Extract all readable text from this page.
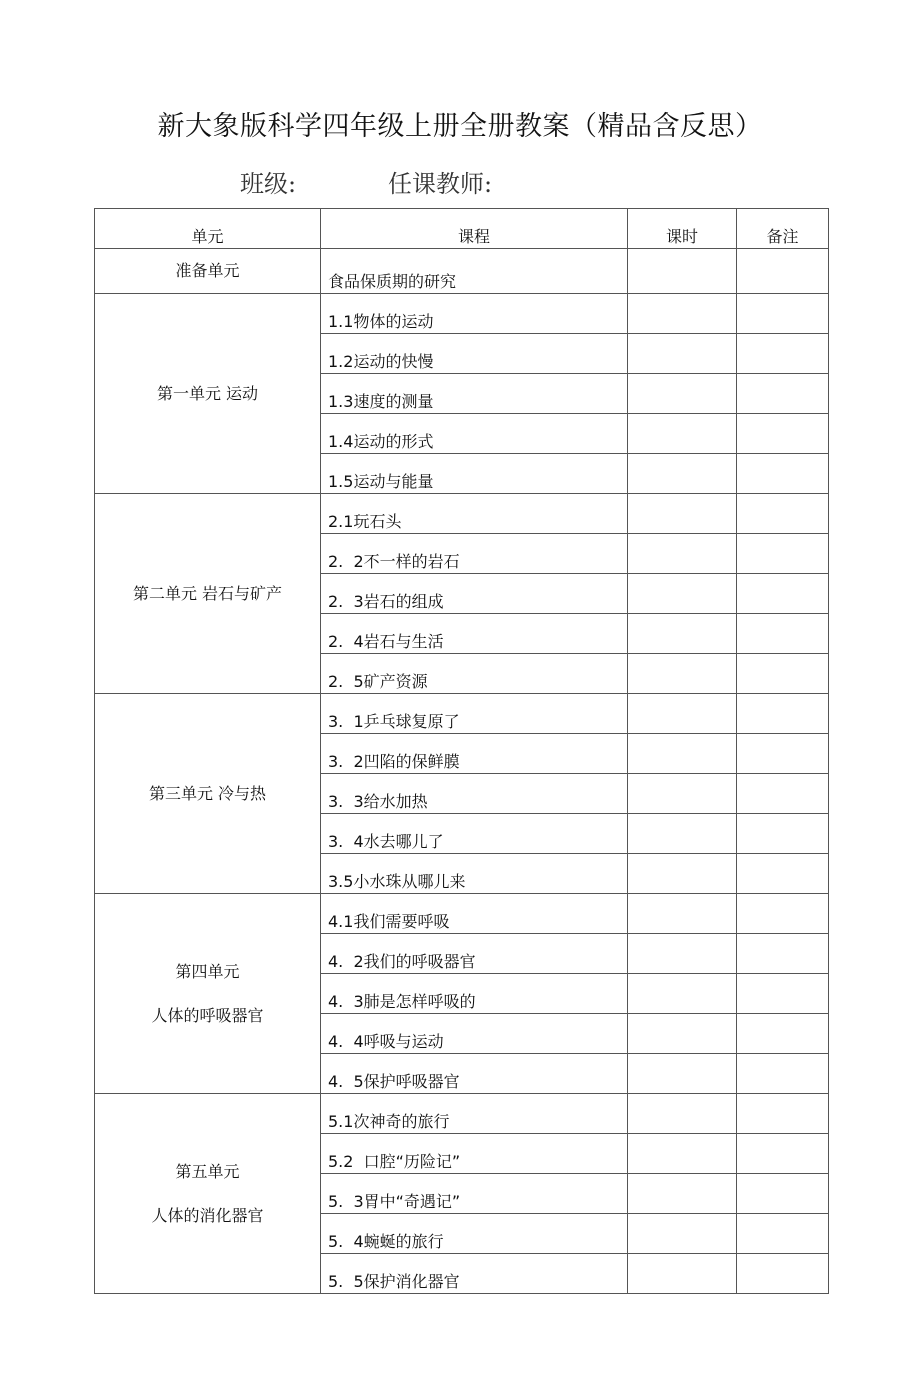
新大象版科学四年级上册全册教案（精品含反思）
班级:	任课教师:
单元	课程	课时	备注

准备单元	食品保质期的研究		

第一单元 运动	1.1物体的运动		
	1.2运动的快慢		
	1.3速度的测量		
	1.4运动的形式		
	1.5运动与能量		

第二单元 岩石与矿产	2.1玩石头		
	2.  2不一样的岩石		
	2.  3岩石的组成		
	2.  4岩石与生活		
	2.  5矿产资源		

第三单元 冷与热	3.  1乒乓球复原了		
	3.  2凹陷的保鲜膜		
	3.  3给水加热		
	3.  4水去哪儿了		
	3.5小水珠从哪儿来		

第四单元
人体的呼吸器官	4.1我们需要呼吸		
	4.  2我们的呼吸器官		
	4.  3肺是怎样呼吸的		
	4.  4呼吸与运动		
	4.  5保护呼吸器官		

第五单元
人体的消化器官	5.1次神奇的旅行		
	5.2  口腔“历险记”		
	5.  3胃中“奇遇记”		
	5.  4蜿蜒的旅行		
	5.  5保护消化器官		
